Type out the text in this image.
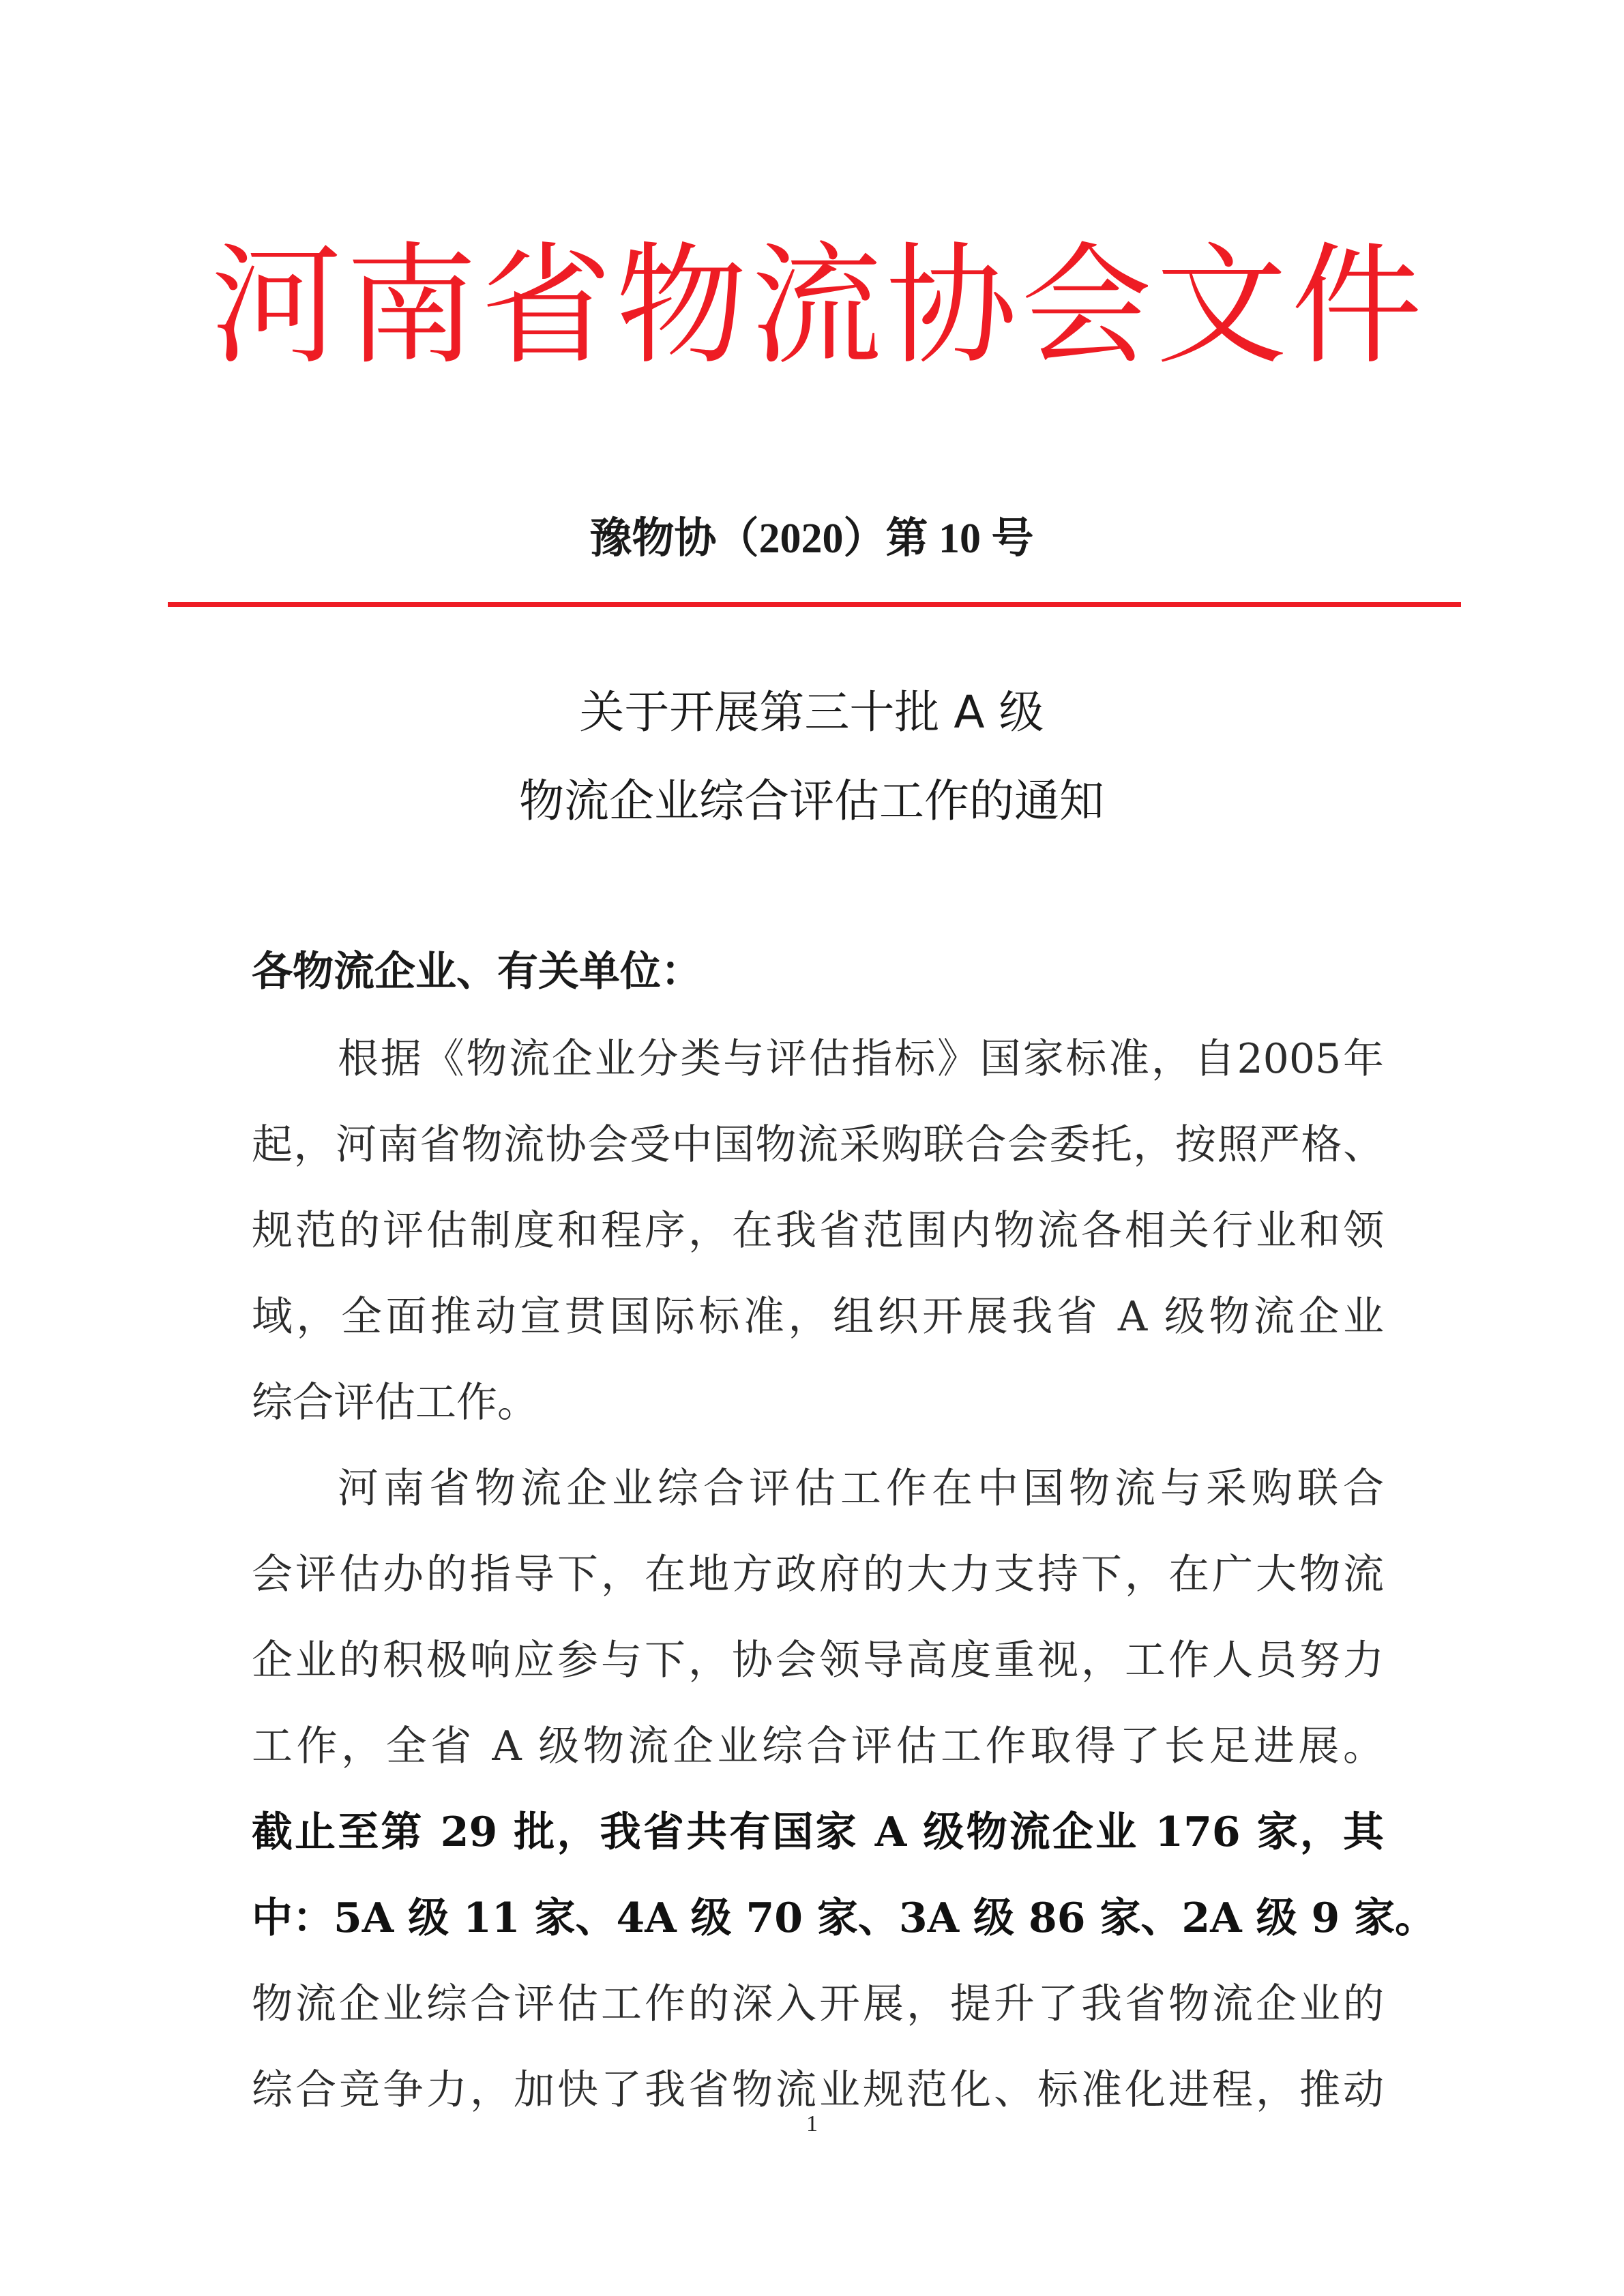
河南省物流协会文件
豫物协（2020）第 10 号
关于开展第三十批 A 级
物流企业综合评估工作的通知
各物流企业、有关单位：
根据《物流企业分类与评估指标》国家标准，自2005年
起，河南省物流协会受中国物流采购联合会委托，按照严格、
规范的评估制度和程序，在我省范围内物流各相关行业和领
域，全面推动宣贯国际标准，组织开展我省 A 级物流企业
综合评估工作。
河南省物流企业综合评估工作在中国物流与采购联合
会评估办的指导下，在地方政府的大力支持下，在广大物流
企业的积极响应参与下，协会领导高度重视，工作人员努力
工作，全省 A 级物流企业综合评估工作取得了长足进展。
截止至第 29 批，我省共有国家 A 级物流企业 176 家，其
中：5A 级 11 家、4A 级 70 家、3A 级 86 家、2A 级 9 家。
物流企业综合评估工作的深入开展，提升了我省物流企业的
综合竞争力，加快了我省物流业规范化、标准化进程，推动
1
